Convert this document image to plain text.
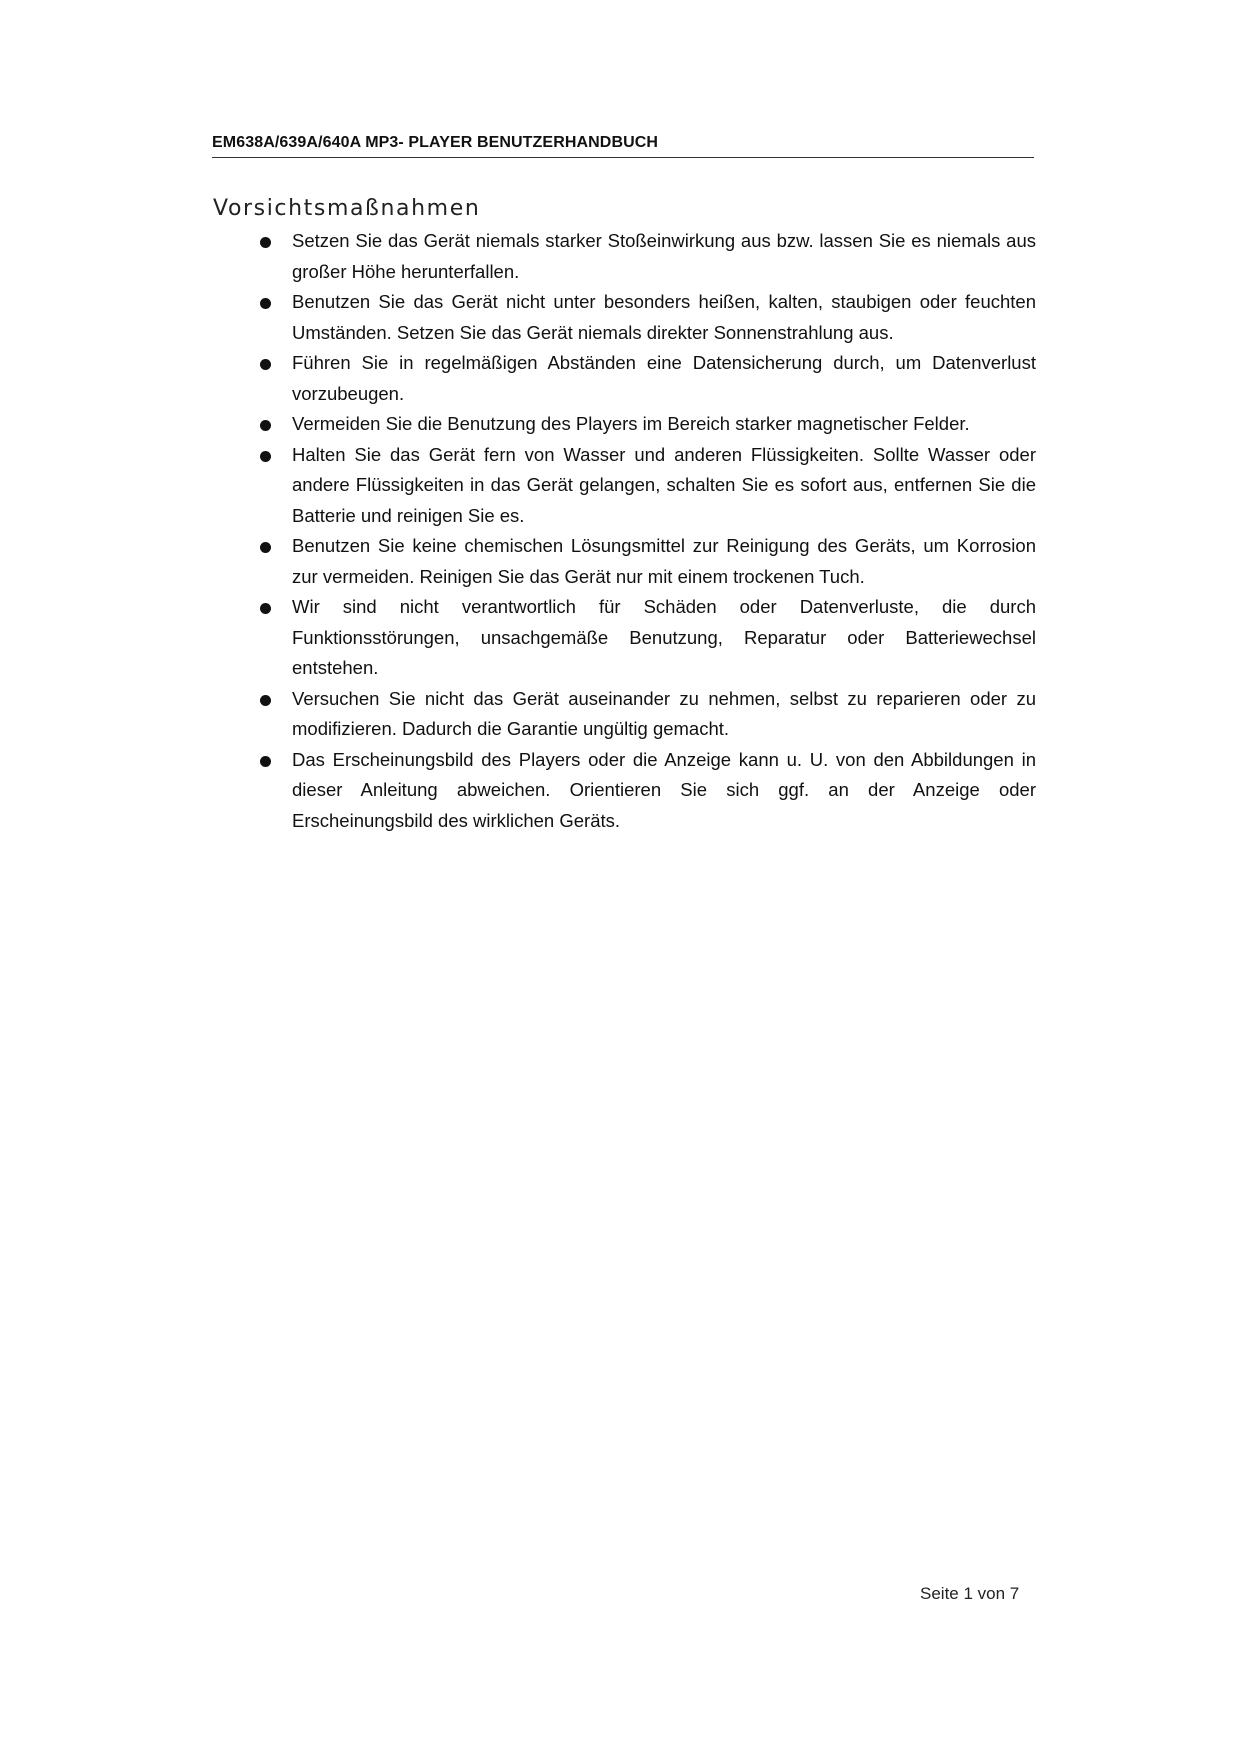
EM638A/639A/640A MP3- PLAYER BENUTZERHANDBUCH
Vorsichtsmaßnahmen
Setzen Sie das Gerät niemals starker Stoßeinwirkung aus bzw. lassen Sie es niemals aus großer Höhe herunterfallen.
Benutzen Sie das Gerät nicht unter besonders heißen, kalten, staubigen oder feuchten Umständen. Setzen Sie das Gerät niemals direkter Sonnenstrahlung aus.
Führen Sie in regelmäßigen Abständen eine Datensicherung durch, um Datenverlust vorzubeugen.
Vermeiden Sie die Benutzung des Players im Bereich starker magnetischer Felder.
Halten Sie das Gerät fern von Wasser und anderen Flüssigkeiten. Sollte Wasser oder andere Flüssigkeiten in das Gerät gelangen, schalten Sie es sofort aus, entfernen Sie die Batterie und reinigen Sie es.
Benutzen Sie keine chemischen Lösungsmittel zur Reinigung des Geräts, um Korrosion zur vermeiden. Reinigen Sie das Gerät nur mit einem trockenen Tuch.
Wir sind nicht verantwortlich für Schäden oder Datenverluste, die durch Funktionsstörungen, unsachgemäße Benutzung, Reparatur oder Batteriewechsel entstehen.
Versuchen Sie nicht das Gerät auseinander zu nehmen, selbst zu reparieren oder zu modifizieren. Dadurch die Garantie ungültig gemacht.
Das Erscheinungsbild des Players oder die Anzeige kann u. U. von den Abbildungen in dieser Anleitung abweichen. Orientieren Sie sich ggf. an der Anzeige oder Erscheinungsbild des wirklichen Geräts.
Seite 1 von 7
